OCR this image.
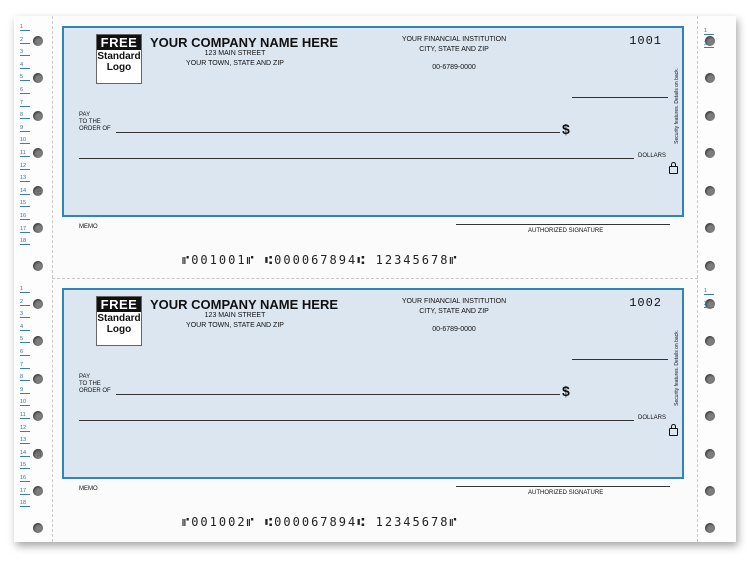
1
2
3
4
5
6
7
8
9
10
11
12
13
14
15
16
17
18
155
1
2
3
4
5
6
7
8
9
10
11
12
13
14
15
16
17
18
155
1
2
1
2
FREE
Standard Logo
YOUR COMPANY NAME HERE
123 MAIN STREET
YOUR TOWN, STATE AND ZIP
YOUR FINANCIAL INSTITUTION
CITY, STATE AND ZIP
00-6789-0000
1001
PAY
TO THE
ORDER OF	$
DOLLARS
MEMO
AUTHORIZED SIGNATURE
Security features. Details on back.
⑈001001⑈ ⑆000067894⑆ 12345678⑈
FREE
Standard Logo
YOUR COMPANY NAME HERE
123 MAIN STREET
YOUR TOWN, STATE AND ZIP
YOUR FINANCIAL INSTITUTION
CITY, STATE AND ZIP
00-6789-0000
1002
PAY
TO THE
ORDER OF	$
DOLLARS
MEMO
AUTHORIZED SIGNATURE
Security features. Details on back.
⑈001002⑈ ⑆000067894⑆ 12345678⑈
